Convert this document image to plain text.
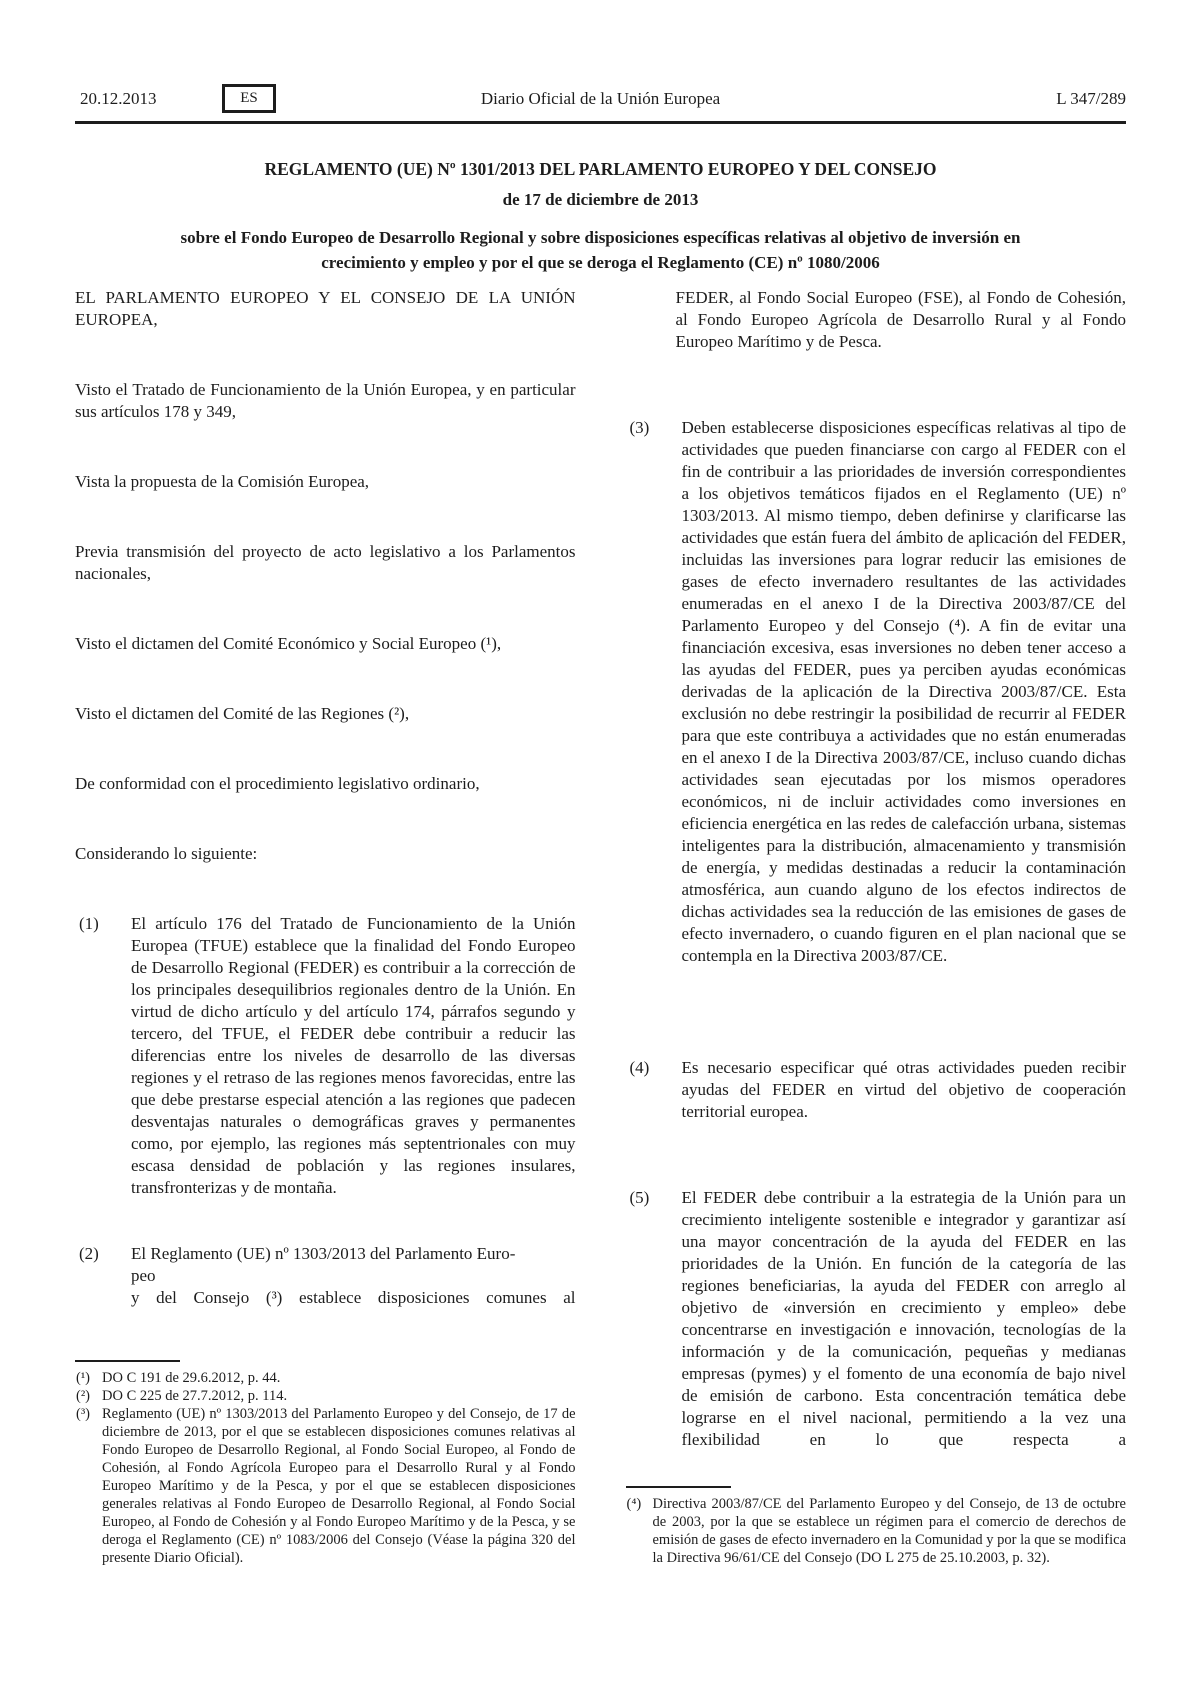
20.12.2013	ES	Diario Oficial de la Unión Europea	L 347/289
REGLAMENTO (UE) Nº 1301/2013 DEL PARLAMENTO EUROPEO Y DEL CONSEJO
de 17 de diciembre de 2013
sobre el Fondo Europeo de Desarrollo Regional y sobre disposiciones específicas relativas al objetivo de inversión en crecimiento y empleo y por el que se deroga el Reglamento (CE) nº 1080/2006

EL PARLAMENTO EUROPEO Y EL CONSEJO DE LA UNIÓN EUROPEA,

Visto el Tratado de Funcionamiento de la Unión Europea, y en particular sus artículos 178 y 349,

Vista la propuesta de la Comisión Europea,

Previa transmisión del proyecto de acto legislativo a los Parlamentos nacionales,

Visto el dictamen del Comité Económico y Social Europeo (¹),

Visto el dictamen del Comité de las Regiones (²),

De conformidad con el procedimiento legislativo ordinario,

Considerando lo siguiente:

(1) El artículo 176 del Tratado de Funcionamiento de la Unión Europea (TFUE) establece que la finalidad del Fondo Europeo de Desarrollo Regional (FEDER) es contribuir a la corrección de los principales desequilibrios regionales dentro de la Unión. En virtud de dicho artículo y del artículo 174, párrafos segundo y tercero, del TFUE, el FEDER debe contribuir a reducir las diferencias entre los niveles de desarrollo de las diversas regiones y el retraso de las regiones menos favorecidas, entre las que debe prestarse especial atención a las regiones que padecen desventajas naturales o demográficas graves y permanentes como, por ejemplo, las regiones más septentrionales con muy escasa densidad de población y las regiones insulares, transfronterizas y de montaña.
(2) El Reglamento (UE) nº 1303/2013 del Parlamento Euro-
peo
y del Consejo (³) establece disposiciones comunes al
(¹) DO C 191 de 29.6.2012, p. 44.
(²) DO C 225 de 27.7.2012, p. 114.
(³) Reglamento (UE) nº 1303/2013 del Parlamento Europeo y del Consejo, de 17 de diciembre de 2013, por el que se establecen disposiciones comunes relativas al Fondo Europeo de Desarrollo Regional, al Fondo Social Europeo, al Fondo de Cohesión, al Fondo Agrícola Europeo para el Desarrollo Rural y al Fondo Europeo Marítimo y de la Pesca, y por el que se establecen disposiciones generales relativas al Fondo Europeo de Desarrollo Regional, al Fondo Social Europeo, al Fondo de Cohesión y al Fondo Europeo Marítimo y de la Pesca, y se deroga el Reglamento (CE) nº 1083/2006 del Consejo (Véase la página 320 del presente Diario Oficial).
FEDER, al Fondo Social Europeo (FSE), al Fondo de Cohesión, al Fondo Europeo Agrícola de Desarrollo Rural y al Fondo Europeo Marítimo y de Pesca.
(3) Deben establecerse disposiciones específicas relativas al tipo de actividades que pueden financiarse con cargo al FEDER con el fin de contribuir a las prioridades de inversión correspondientes a los objetivos temáticos fijados en el Reglamento (UE) nº 1303/2013. Al mismo tiempo, deben definirse y clarificarse las actividades que están fuera del ámbito de aplicación del FEDER, incluidas las inversiones para lograr reducir las emisiones de gases de efecto invernadero resultantes de las actividades enumeradas en el anexo I de la Directiva 2003/87/CE del Parlamento Europeo y del Consejo (⁴). A fin de evitar una financiación excesiva, esas inversiones no deben tener acceso a las ayudas del FEDER, pues ya perciben ayudas económicas derivadas de la aplicación de la Directiva 2003/87/CE. Esta exclusión no debe restringir la posibilidad de recurrir al FEDER para que este contribuya a actividades que no están enumeradas en el anexo I de la Directiva 2003/87/CE, incluso cuando dichas actividades sean ejecutadas por los mismos operadores económicos, ni de incluir actividades como inversiones en eficiencia energética en las redes de calefacción urbana, sistemas inteligentes para la distribución, almacenamiento y transmisión de energía, y medidas destinadas a reducir la contaminación atmosférica, aun cuando alguno de los efectos indirectos de dichas actividades sea la reducción de las emisiones de gases de efecto invernadero, o cuando figuren en el plan nacional que se contempla en la Directiva 2003/87/CE.
(4) Es necesario especificar qué otras actividades pueden recibir ayudas del FEDER en virtud del objetivo de cooperación territorial europea.
(5) El FEDER debe contribuir a la estrategia de la Unión para un crecimiento inteligente sostenible e integrador y garantizar así una mayor concentración de la ayuda del FEDER en las prioridades de la Unión. En función de la categoría de las regiones beneficiarias, la ayuda del FEDER con arreglo al objetivo de «inversión en crecimiento y empleo» debe concentrarse en investigación e innovación, tecnologías de la información y de la comunicación, pequeñas y medianas empresas (pymes) y el fomento de una economía de bajo nivel de emisión de carbono. Esta concentración temática debe lograrse en el nivel nacional, permitiendo a la vez una flexibilidad en lo que respecta a
(⁴) Directiva 2003/87/CE del Parlamento Europeo y del Consejo, de 13 de octubre de 2003, por la que se establece un régimen para el comercio de derechos de emisión de gases de efecto invernadero en la Comunidad y por la que se modifica la Directiva 96/61/CE del Consejo (DO L 275 de 25.10.2003, p. 32).
